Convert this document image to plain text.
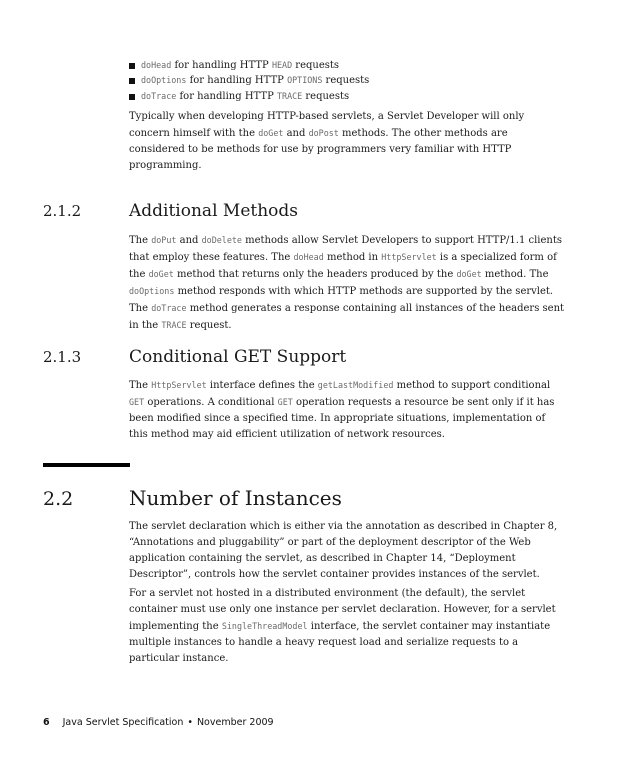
doHead for handling HTTP HEAD requests
doOptions for handling HTTP OPTIONS requests
doTrace for handling HTTP TRACE requests

Typically when developing HTTP-based servlets, a Servlet Developer will only concern himself with the doGet and doPost methods. The other methods are considered to be methods for use by programmers very familiar with HTTP programming.

2.1.2	Additional Methods

The doPut and doDelete methods allow Servlet Developers to support HTTP/1.1 clients that employ these features. The doHead method in HttpServlet is a specialized form of the doGet method that returns only the headers produced by the doGet method. The doOptions method responds with which HTTP methods are supported by the servlet. The doTrace method generates a response containing all instances of the headers sent in the TRACE request.

2.1.3	Conditional GET Support

The HttpServlet interface defines the getLastModified method to support conditional GET operations. A conditional GET operation requests a resource be sent only if it has been modified since a specified time. In appropriate situations, implementation of this method may aid efficient utilization of network resources.

2.2	Number of Instances

The servlet declaration which is either via the annotation as described in Chapter 8, “Annotations and pluggability” or part of the deployment descriptor of the Web application containing the servlet, as described in Chapter 14, “Deployment Descriptor”, controls how the servlet container provides instances of the servlet.

For a servlet not hosted in a distributed environment (the default), the servlet container must use only one instance per servlet declaration. However, for a servlet implementing the SingleThreadModel interface, the servlet container may instantiate multiple instances to handle a heavy request load and serialize requests to a particular instance.

6 Java Servlet Specification • November 2009
